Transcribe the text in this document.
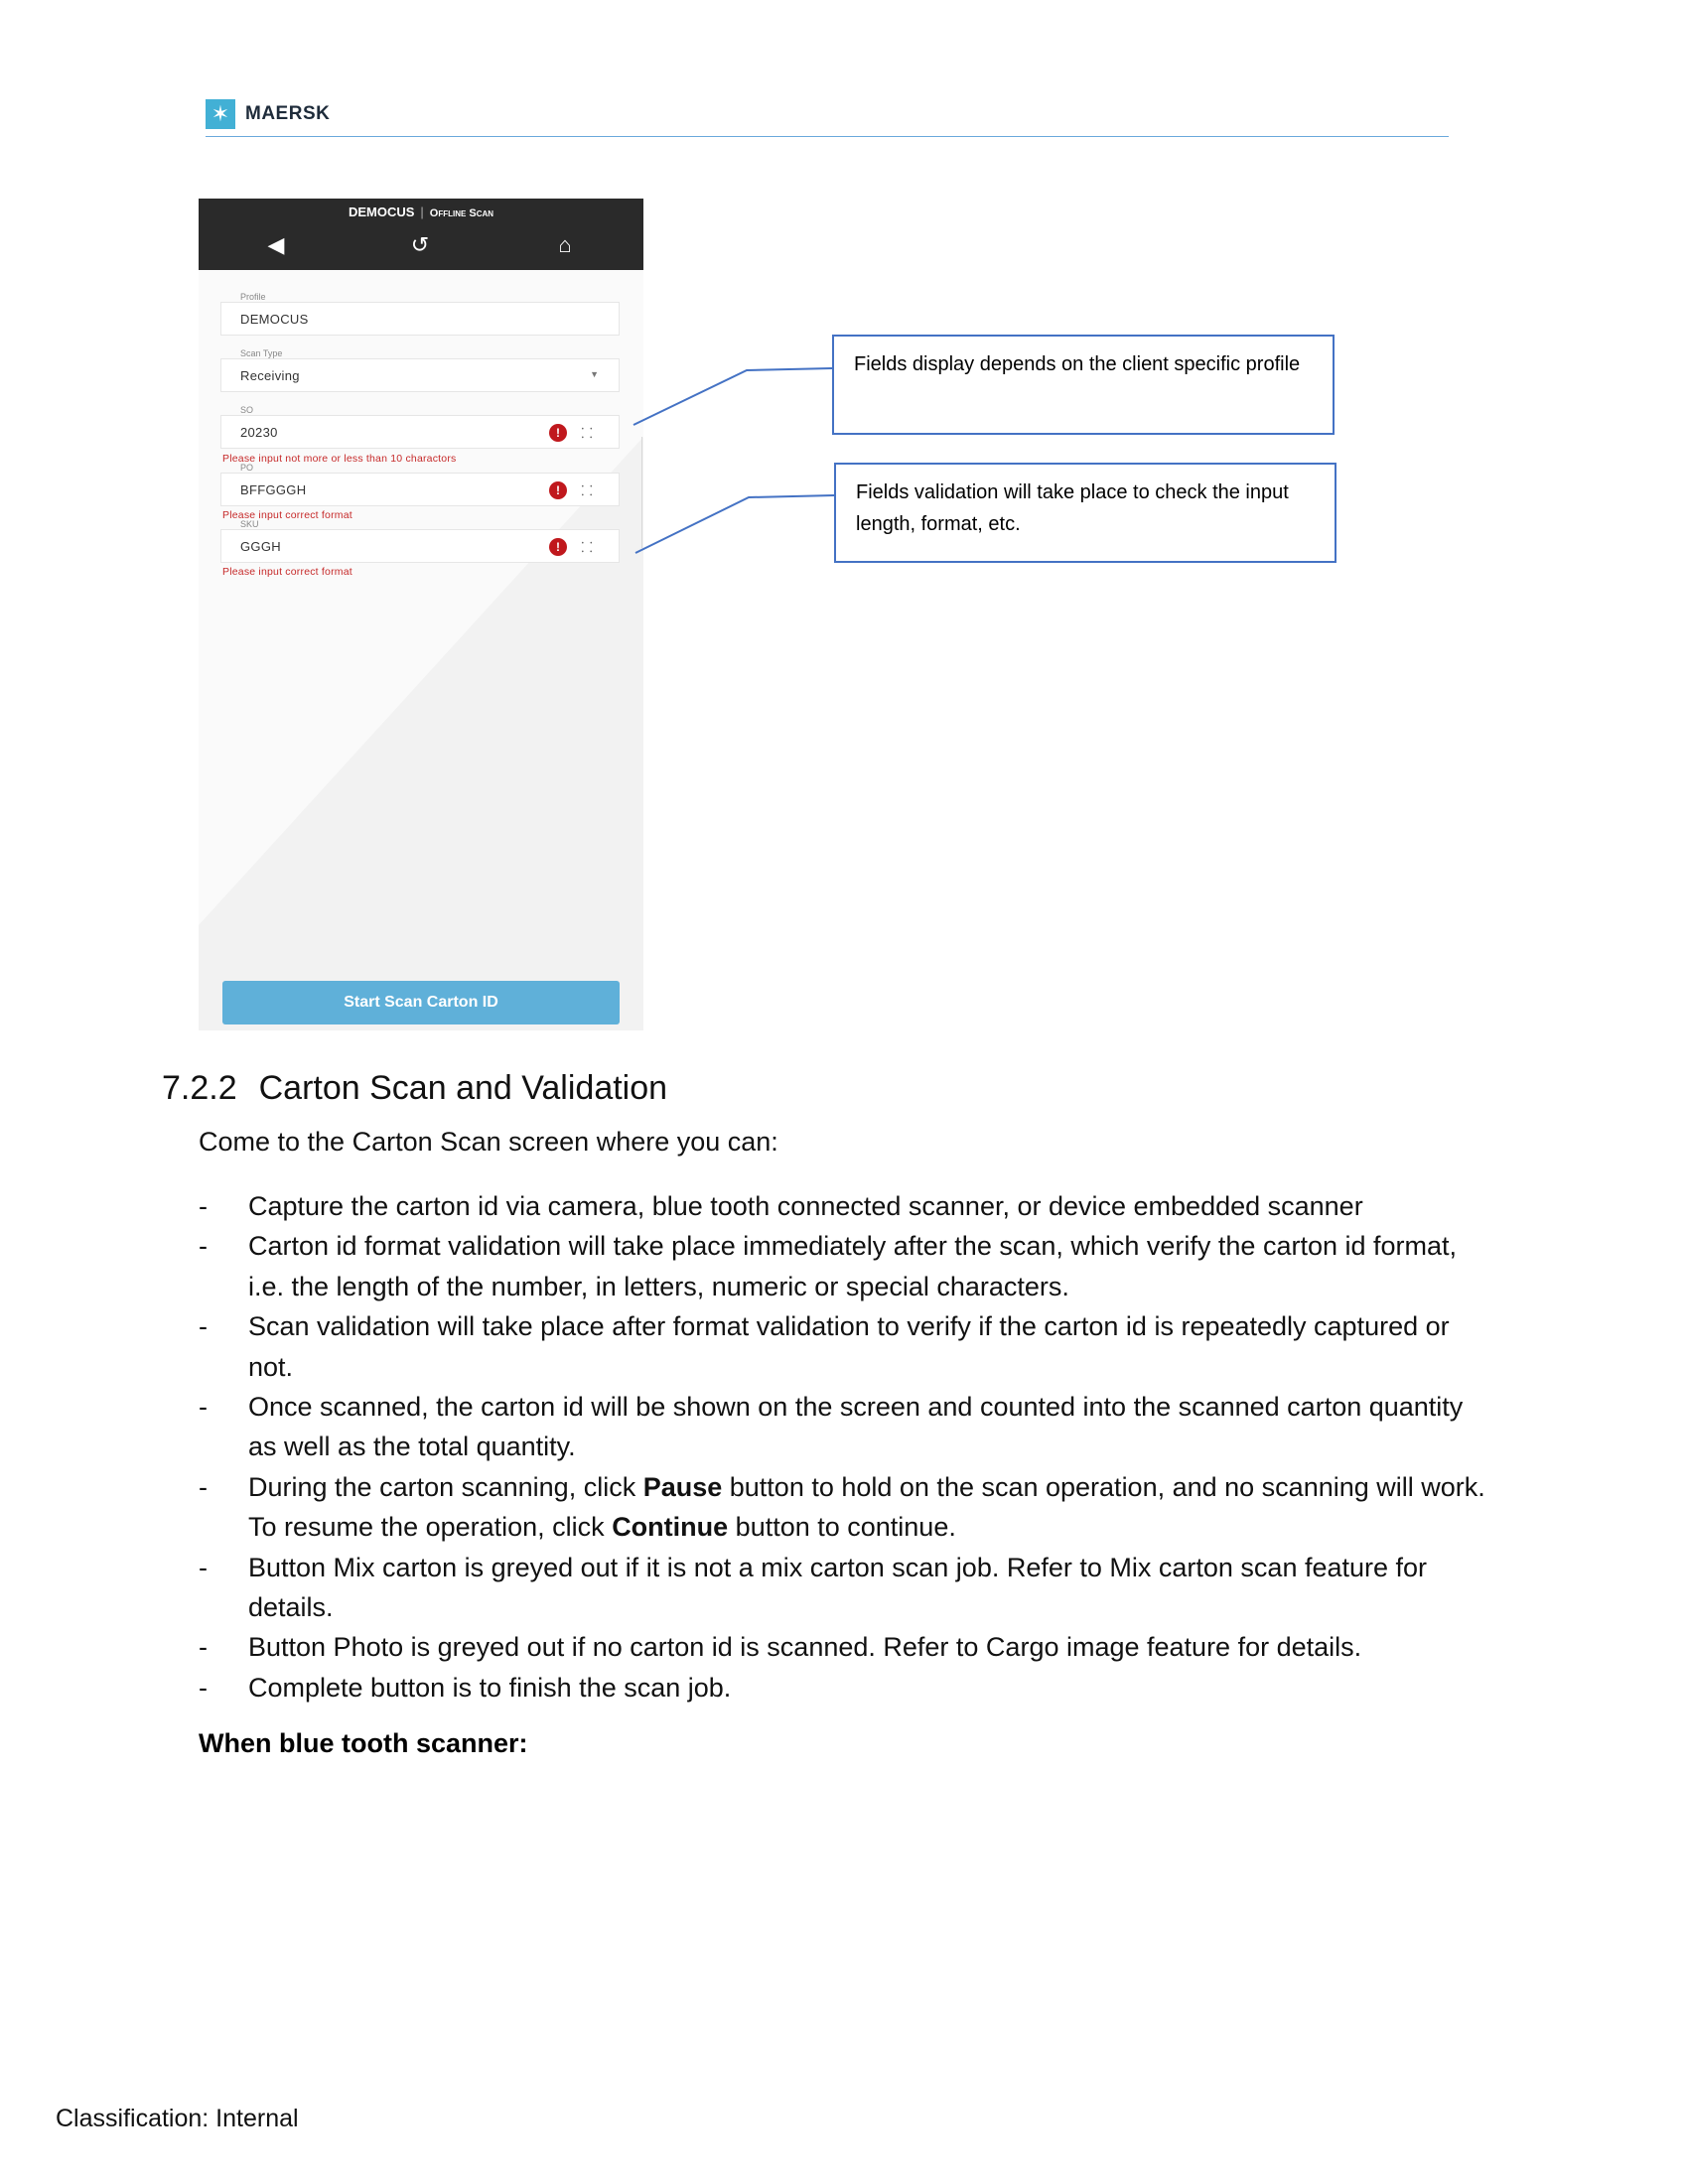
✶ MAERSK
DEMOCUS | Offline Scan
◀	↺	⌂
Profile
DEMOCUS
Scan Type
Receiving	▼
SO
20230	!	⸬
Please input not more or less than 10 charactors
PO
BFFGGGH	!	⸬
Please input correct format
SKU
GGGH	!	⸬
Please input correct format
Start Scan Carton ID
Fields display depends on the client specific profile
Fields validation will take place to check the input length, format, etc.
7.2.2 Carton Scan and Validation
Come to the Carton Scan screen where you can:
- Capture the carton id via camera, blue tooth connected scanner, or device embedded scanner
- Carton id format validation will take place immediately after the scan, which verify the carton id format, i.e. the length of the number, in letters, numeric or special characters.
- Scan validation will take place after format validation to verify if the carton id is repeatedly captured or not.
- Once scanned, the carton id will be shown on the screen and counted into the scanned carton quantity as well as the total quantity.
- During the carton scanning, click Pause button to hold on the scan operation, and no scanning will work. To resume the operation, click Continue button to continue.
- Button Mix carton is greyed out if it is not a mix carton scan job. Refer to Mix carton scan feature for details.
- Button Photo is greyed out if no carton id is scanned. Refer to Cargo image feature for details.
- Complete button is to finish the scan job.
When blue tooth scanner:
Classification: Internal
